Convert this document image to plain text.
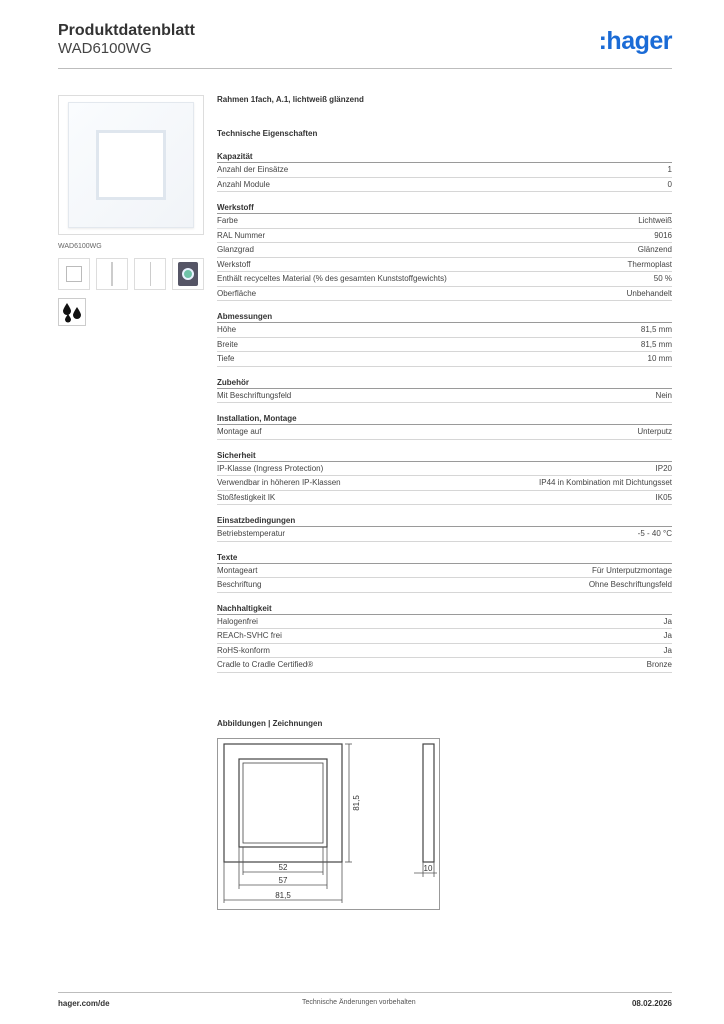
Produktdatenblatt
WAD6100WG	:hager
WAD6100WG
Rahmen 1fach, A.1, lichtweiß glänzend
Technische Eigenschaften
Kapazität
Anzahl der Einsätze	1
Anzahl Module	0
Werkstoff
Farbe	Lichtweiß
RAL Nummer	9016
Glanzgrad	Glänzend
Werkstoff	Thermoplast
Enthält recyceltes Material (% des gesamten Kunststoffgewichts)	50 %
Oberfläche	Unbehandelt
Abmessungen
Höhe	81,5 mm
Breite	81,5 mm
Tiefe	10 mm
Zubehör
Mit Beschriftungsfeld	Nein
Installation, Montage
Montage auf	Unterputz
Sicherheit
IP-Klasse (Ingress Protection)	IP20
Verwendbar in höheren IP-Klassen	IP44 in Kombination mit Dichtungsset
Stoßfestigkeit IK	IK05
Einsatzbedingungen
Betriebstemperatur	-5 - 40 °C
Texte
Montageart	Für Unterputzmontage
Beschriftung	Ohne Beschriftungsfeld
Nachhaltigkeit
Halogenfrei	Ja
REACh-SVHC frei	Ja
RoHS-konform	Ja
Cradle to Cradle Certified®	Bronze
Abbildungen | Zeichnungen
81,5
52
57
81,5
10
hager.com/de	Technische Änderungen vorbehalten	08.02.2026
